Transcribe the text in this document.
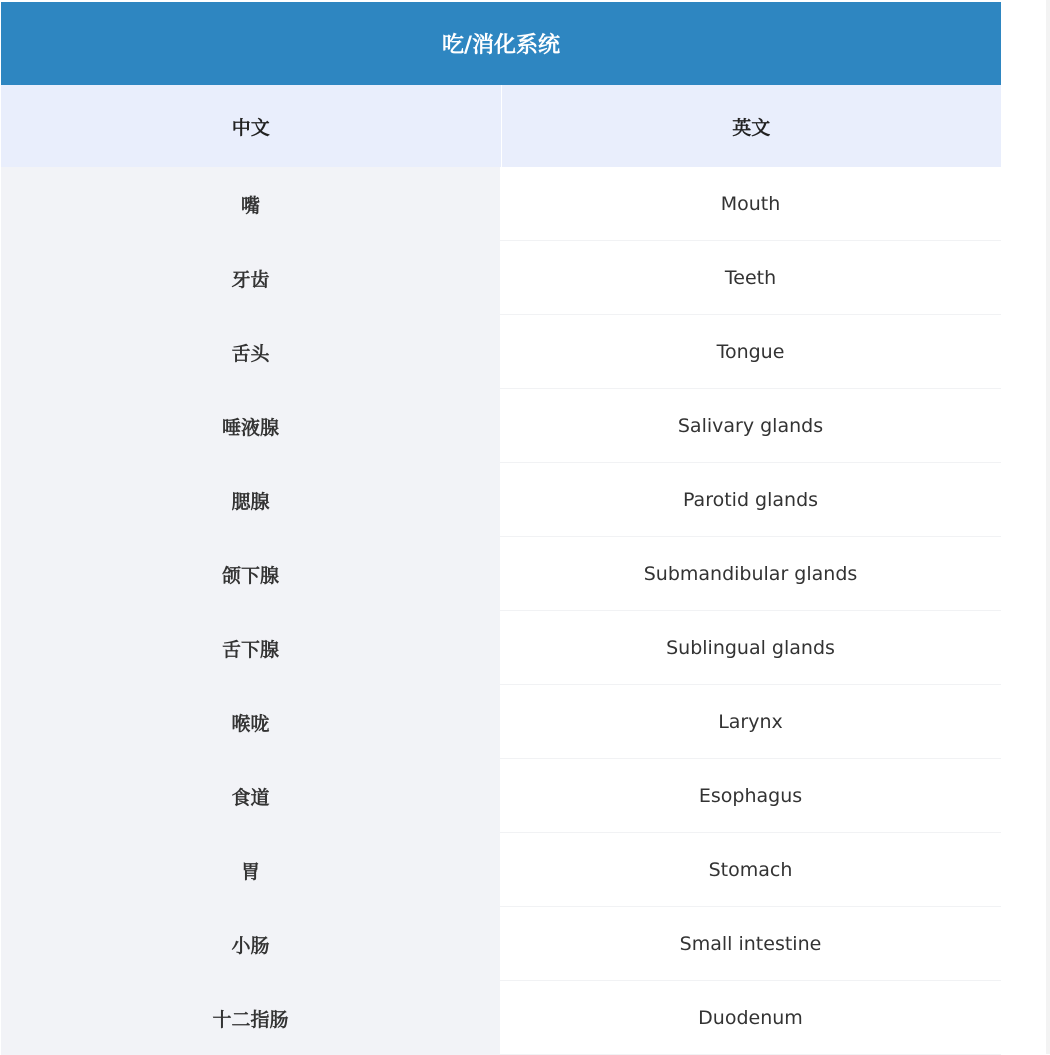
吃/消化系统
中文	英文
嘴	Mouth
牙齿	Teeth
舌头	Tongue
唾液腺	Salivary glands
腮腺	Parotid glands
颌下腺	Submandibular glands
舌下腺	Sublingual glands
喉咙	Larynx
食道	Esophagus
胃	Stomach
小肠	Small intestine
十二指肠	Duodenum
